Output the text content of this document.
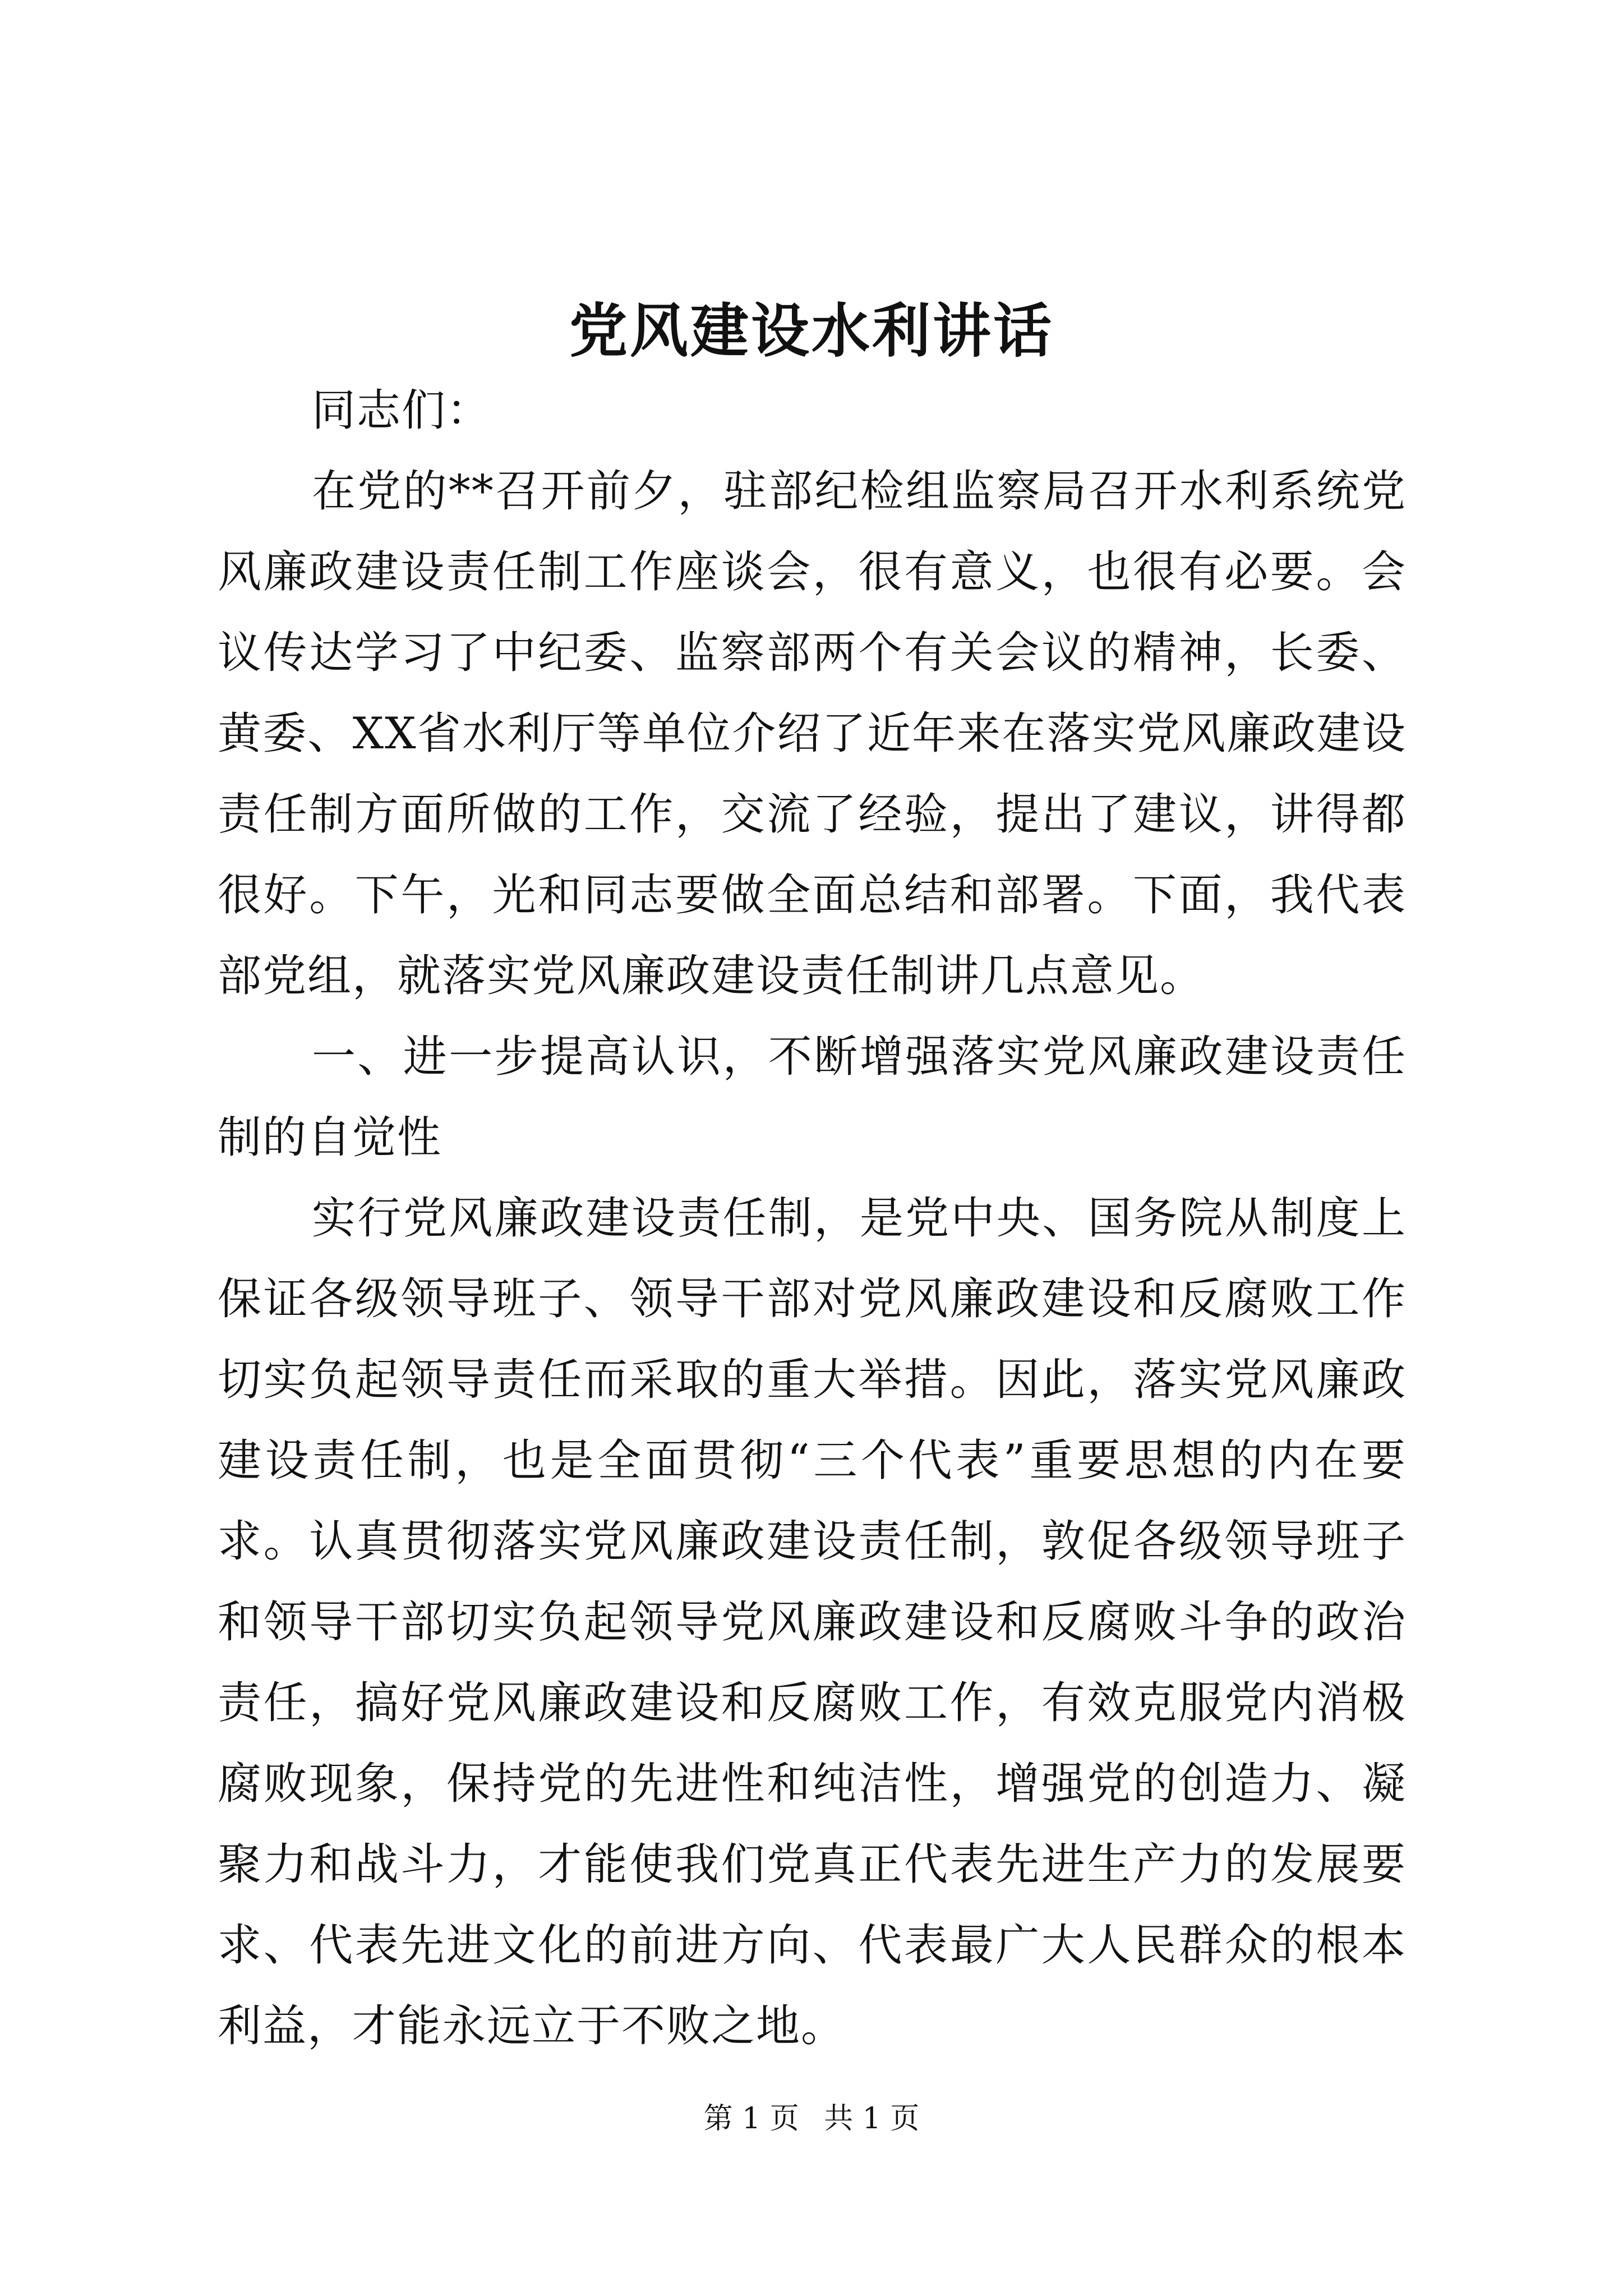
党风建设水利讲话

同志们：

在党的**召开前夕，驻部纪检组监察局召开水利系统党风廉政建设责任制工作座谈会，很有意义，也很有必要。会议传达学习了中纪委、监察部两个有关会议的精神，长委、黄委、XX省水利厅等单位介绍了近年来在落实党风廉政建设责任制方面所做的工作，交流了经验，提出了建议，讲得都很好。下午，光和同志要做全面总结和部署。下面，我代表部党组，就落实党风廉政建设责任制讲几点意见。

一、进一步提高认识，不断增强落实党风廉政建设责任制的自觉性

实行党风廉政建设责任制，是党中央、国务院从制度上保证各级领导班子、领导干部对党风廉政建设和反腐败工作切实负起领导责任而采取的重大举措。因此，落实党风廉政建设责任制，也是全面贯彻“三个代表”重要思想的内在要求。认真贯彻落实党风廉政建设责任制，敦促各级领导班子和领导干部切实负起领导党风廉政建设和反腐败斗争的政治责任，搞好党风廉政建设和反腐败工作，有效克服党内消极腐败现象，保持党的先进性和纯洁性，增强党的创造力、凝聚力和战斗力，才能使我们党真正代表先进生产力的发展要求、代表先进文化的前进方向、代表最广大人民群众的根本利益，才能永远立于不败之地。

第 1 页 共 1 页
